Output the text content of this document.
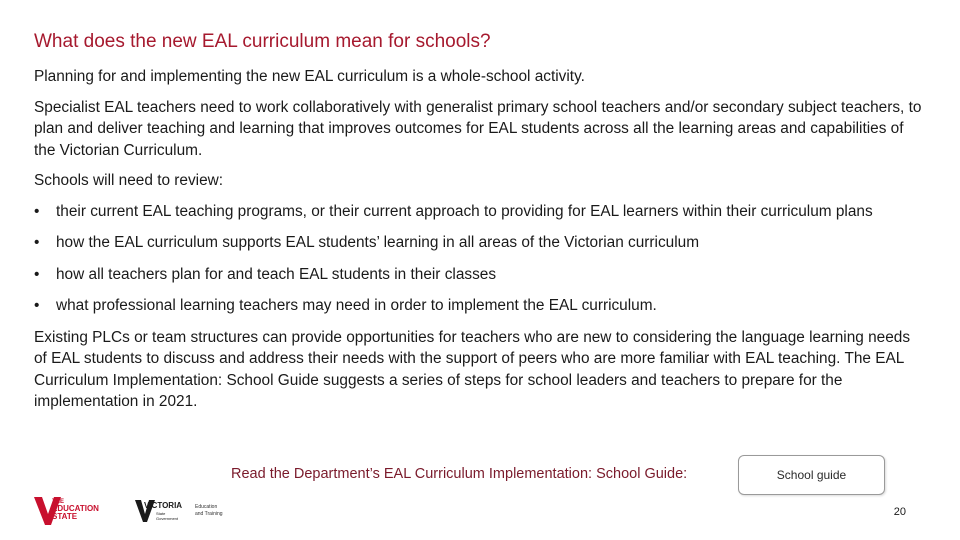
What does the new EAL curriculum mean for schools?

Planning for and implementing the new EAL curriculum is a whole-school activity.

Specialist EAL teachers need to work collaboratively with generalist primary school teachers and/or secondary subject teachers, to plan and deliver teaching and learning that improves outcomes for EAL students across all the learning areas and capabilities of the Victorian Curriculum.

Schools will need to review:

• their current EAL teaching programs, or their current approach to providing for EAL learners within their curriculum plans
• how the EAL curriculum supports EAL students’ learning in all areas of the Victorian curriculum
• how all teachers plan for and teach EAL students in their classes
• what professional learning teachers may need in order to implement the EAL curriculum.

Existing PLCs or team structures can provide opportunities for teachers who are new to considering the language learning needs of EAL students to discuss and address their needs with the support of peers who are more familiar with EAL teaching. The EAL Curriculum Implementation: School Guide suggests a series of steps for school leaders and teachers to prepare for the implementation in 2021.

Read the Department’s EAL Curriculum Implementation: School Guide:	School guide
THE
EDUCATION
STATE
VICTORIA
State
Government
Education
and Training	20
